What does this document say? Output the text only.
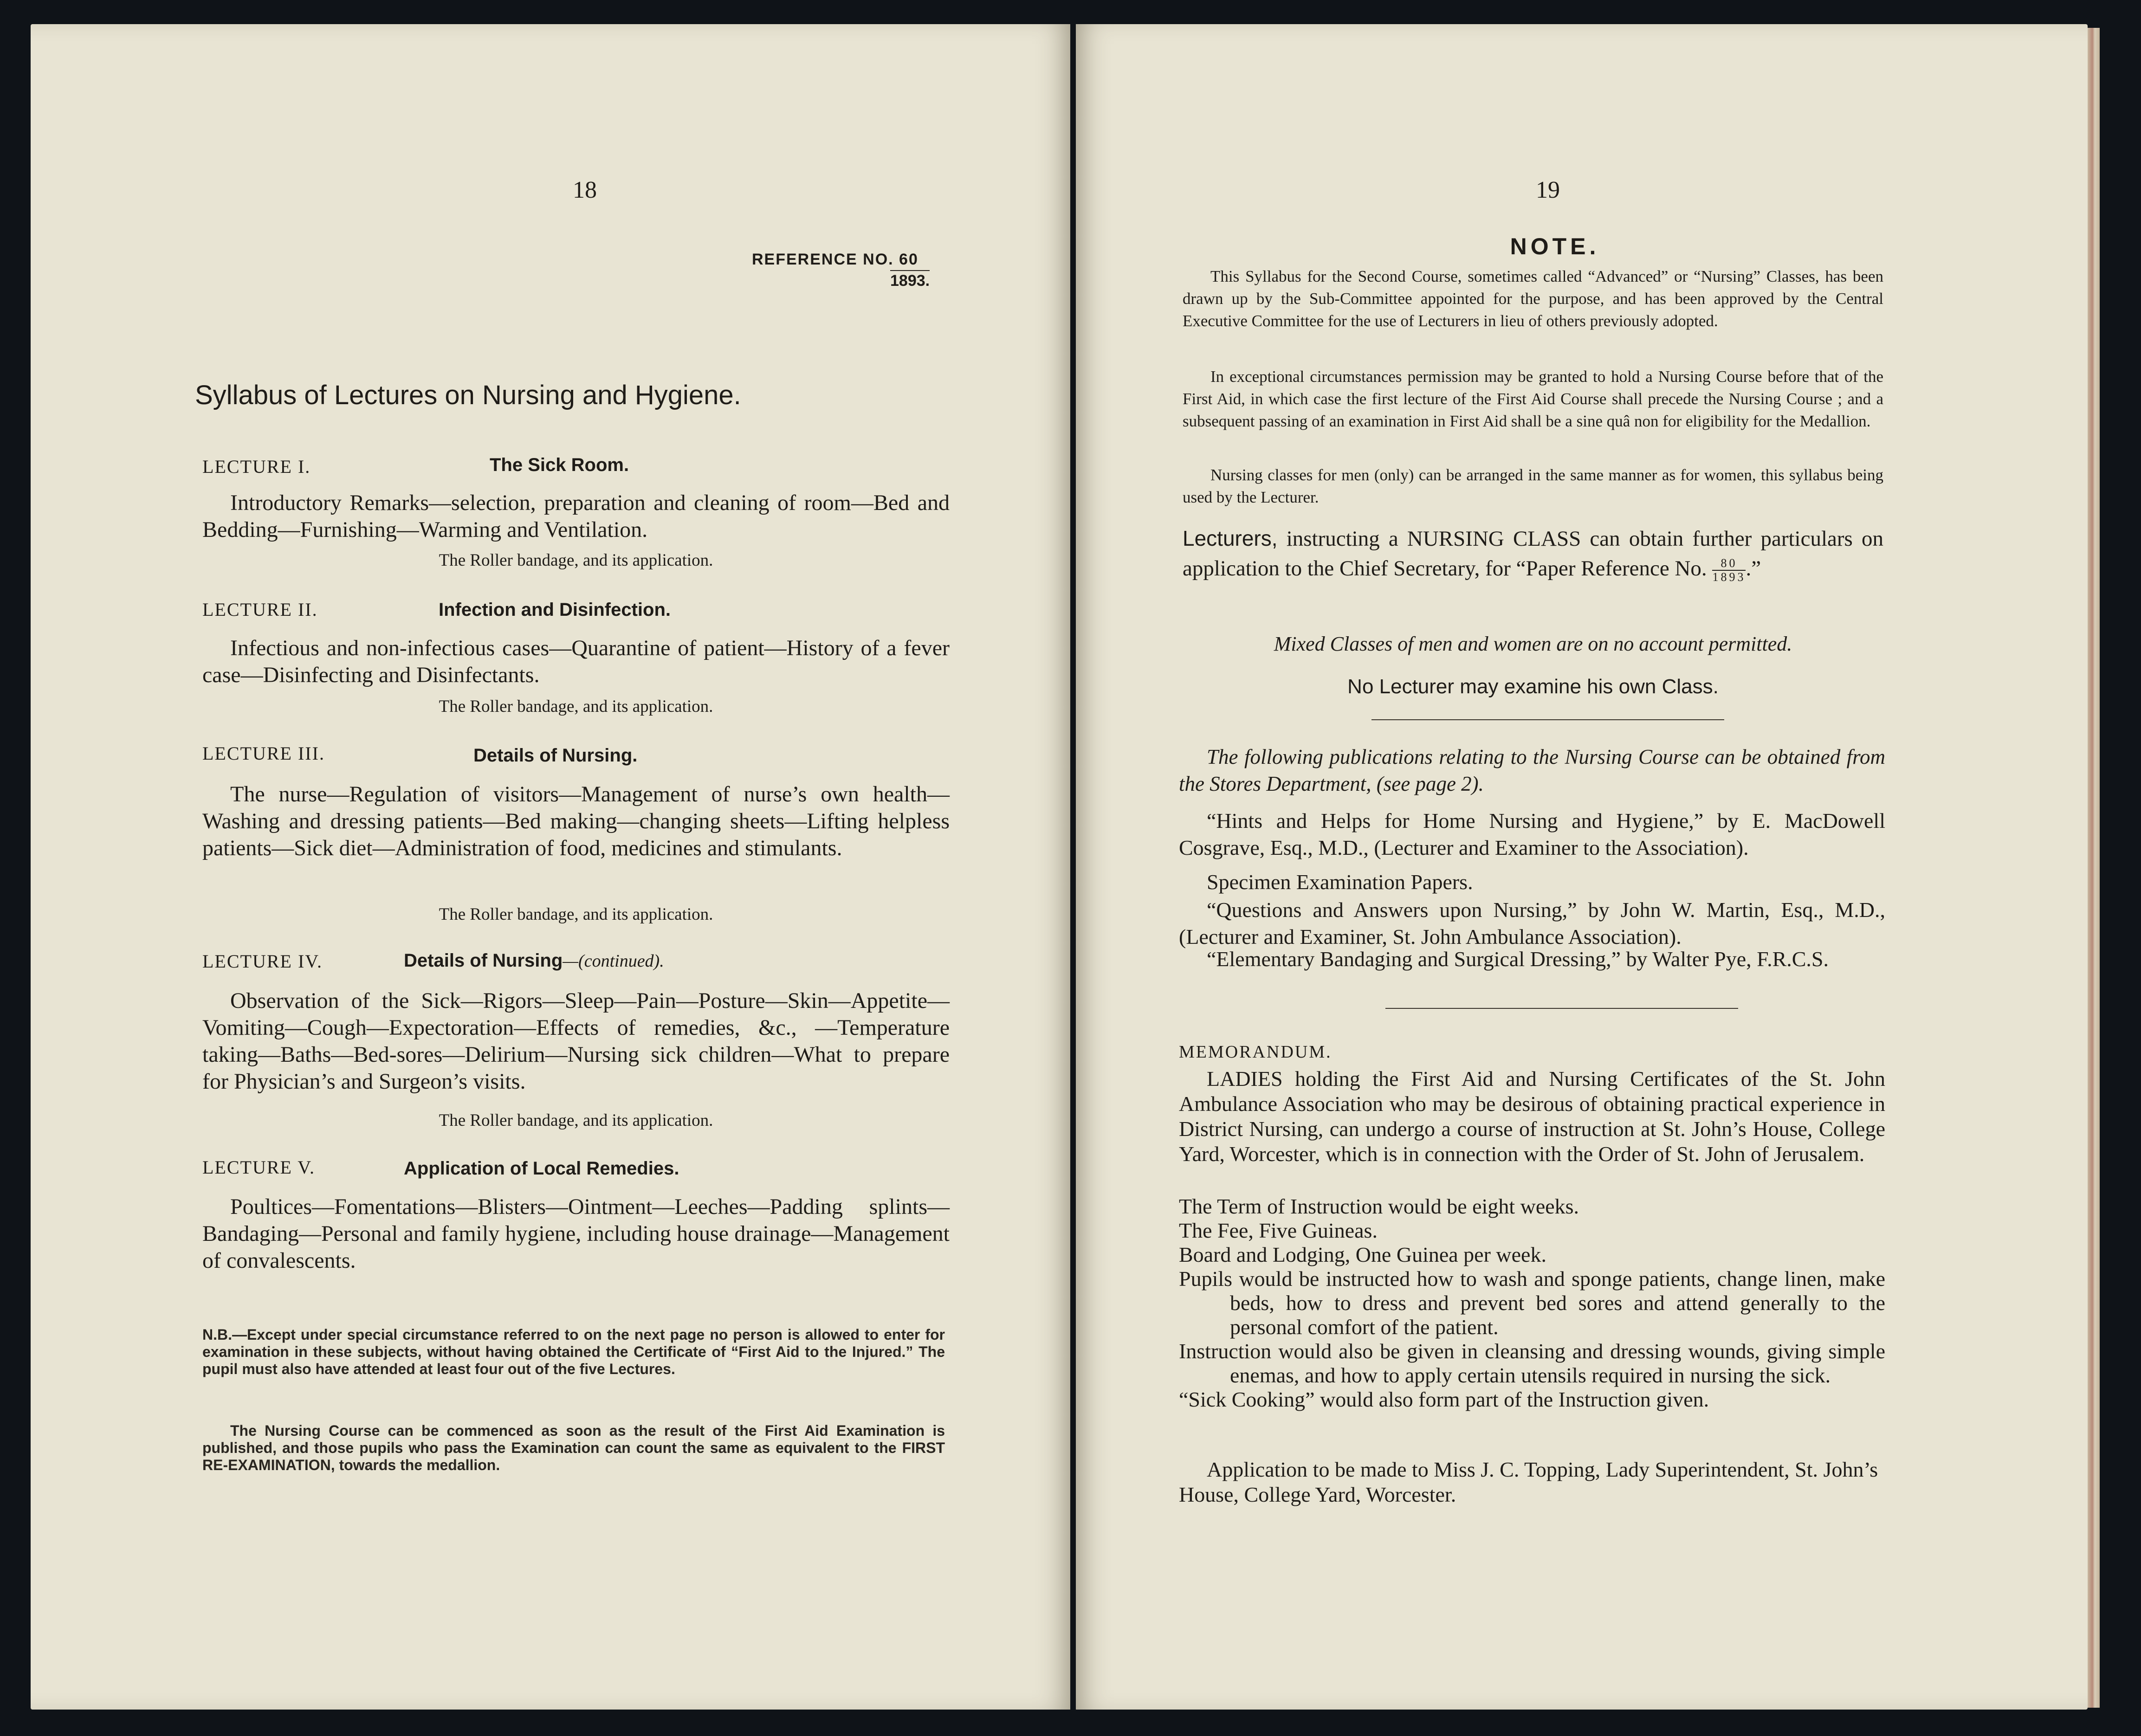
18
REFERENCE NO. 60
1893.
Syllabus of Lectures on Nursing and Hygiene.
LECTURE I.	The Sick Room.
Introductory Remarks—selection, preparation and cleaning of room—Bed and Bedding—Furnishing—Warming and Ventilation.
The Roller bandage, and its application.
LECTURE II.	Infection and Disinfection.
Infectious and non-infectious cases—Quarantine of patient—History of a fever case—Disinfecting and Disinfectants.
The Roller bandage, and its application.
LECTURE III.	Details of Nursing.
The nurse—Regulation of visitors—Management of nurse’s own health—Washing and dressing patients—Bed making—changing sheets—Lifting helpless patients—Sick diet—Administration of food, medicines and stimulants.
The Roller bandage, and its application.
LECTURE IV.	Details of Nursing—(continued).
Observation of the Sick—Rigors—Sleep—Pain—Posture—Skin—Appetite—Vomiting—Cough—Expectoration—Effects of remedies, &c., —Temperature taking—Baths—Bed-sores—Delirium—Nursing sick children—What to prepare for Physician’s and Surgeon’s visits.
The Roller bandage, and its application.
LECTURE V.	Application of Local Remedies.
Poultices—Fomentations—Blisters—Ointment—Leeches—Padding splints—Bandaging—Personal and family hygiene, including house drainage—Management of convalescents.
N.B.—Except under special circumstance referred to on the next page no person is allowed to enter for examination in these subjects, without having obtained the Certificate of “First Aid to the Injured.” The pupil must also have attended at least four out of the five Lectures.
The Nursing Course can be commenced as soon as the result of the First Aid Examination is published, and those pupils who pass the Examination can count the same as equivalent to the FIRST RE-EXAMINATION, towards the medallion.
19
NOTE.
This Syllabus for the Second Course, sometimes called “Advanced” or “Nursing” Classes, has been drawn up by the Sub-Committee appointed for the purpose, and has been approved by the Central Executive Committee for the use of Lecturers in lieu of others previously adopted.
In exceptional circumstances permission may be granted to hold a Nursing Course before that of the First Aid, in which case the first lecture of the First Aid Course shall precede the Nursing Course ; and a subsequent passing of an examination in First Aid shall be a sine quâ non for eligibility for the Medallion.
Nursing classes for men (only) can be arranged in the same manner as for women, this syllabus being used by the Lecturer.
Lecturers, instructing a NURSING CLASS can obtain further particulars on application to the Chief Secretary, for “Paper Reference No. $\frac{80}{1893}$ .”
Mixed Classes of men and women are on no account permitted.
No Lecturer may examine his own Class.
The following publications relating to the Nursing Course can be obtained from the Stores Department, (see page 2).
“Hints and Helps for Home Nursing and Hygiene,” by E. MacDowell Cosgrave, Esq., M.D., (Lecturer and Examiner to the Association).
Specimen Examination Papers.
“Questions and Answers upon Nursing,” by John W. Martin, Esq., M.D., (Lecturer and Examiner, St. John Ambulance Association).
“Elementary Bandaging and Surgical Dressing,” by Walter Pye, F.R.C.S.
MEMORANDUM.
LADIES holding the First Aid and Nursing Certificates of the St. John Ambulance Association who may be desirous of obtaining practical experience in District Nursing, can undergo a course of instruction at St. John’s House, College Yard, Worcester, which is in connection with the Order of St. John of Jerusalem.

The Term of Instruction would be eight weeks.

The Fee, Five Guineas.

Board and Lodging, One Guinea per week.

Pupils would be instructed how to wash and sponge patients, change linen, make beds, how to dress and prevent bed sores and attend generally to the personal comfort of the patient.

Instruction would also be given in cleansing and dressing wounds, giving simple enemas, and how to apply certain utensils required in nursing the sick.

“Sick Cooking” would also form part of the Instruction given.

Application to be made to Miss J. C. Topping, Lady Superintendent, St. John’s House, College Yard, Worcester.
